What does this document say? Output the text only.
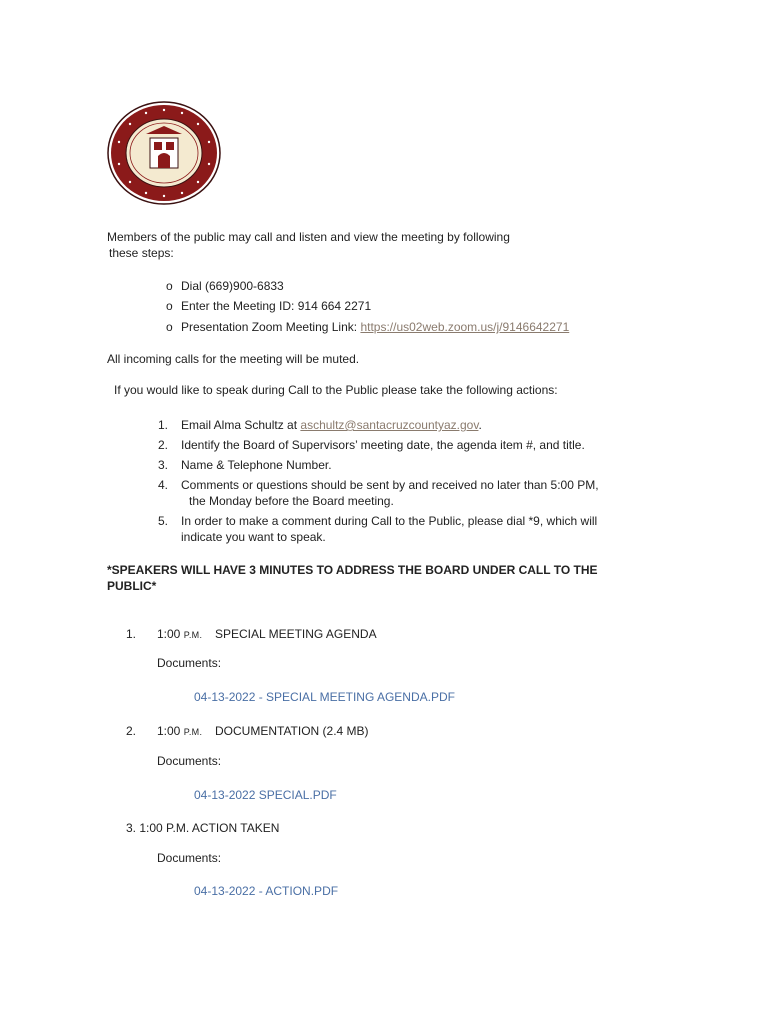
Members of the public may call and listen and view the meeting by following
these steps:
o Dial (669)900-6833
o Enter the Meeting ID: 914 664 2271
o Presentation Zoom Meeting Link: https://us02web.zoom.us/j/9146642271
All incoming calls for the meeting will be muted.
If you would like to speak during Call to the Public please take the following actions:
1. Email Alma Schultz at aschultz@santacruzcountyaz.gov.
2. Identify the Board of Supervisors’ meeting date, the agenda item #, and title.
3. Name & Telephone Number.
4. Comments or questions should be sent by and received no later than 5:00 PM,
the Monday before the Board meeting.
5. In order to make a comment during Call to the Public, please dial *9, which will
indicate you want to speak.
*SPEAKERS WILL HAVE 3 MINUTES TO ADDRESS THE BOARD UNDER CALL TO THE
PUBLIC*
1. 1:00 P.M. SPECIAL MEETING AGENDA
Documents:
04-13-2022 - SPECIAL MEETING AGENDA.PDF
2. 1:00 P.M. DOCUMENTATION (2.4 MB)
Documents:
04-13-2022 SPECIAL.PDF
3. 1:00 P.M. ACTION TAKEN
Documents:
04-13-2022 - ACTION.PDF
